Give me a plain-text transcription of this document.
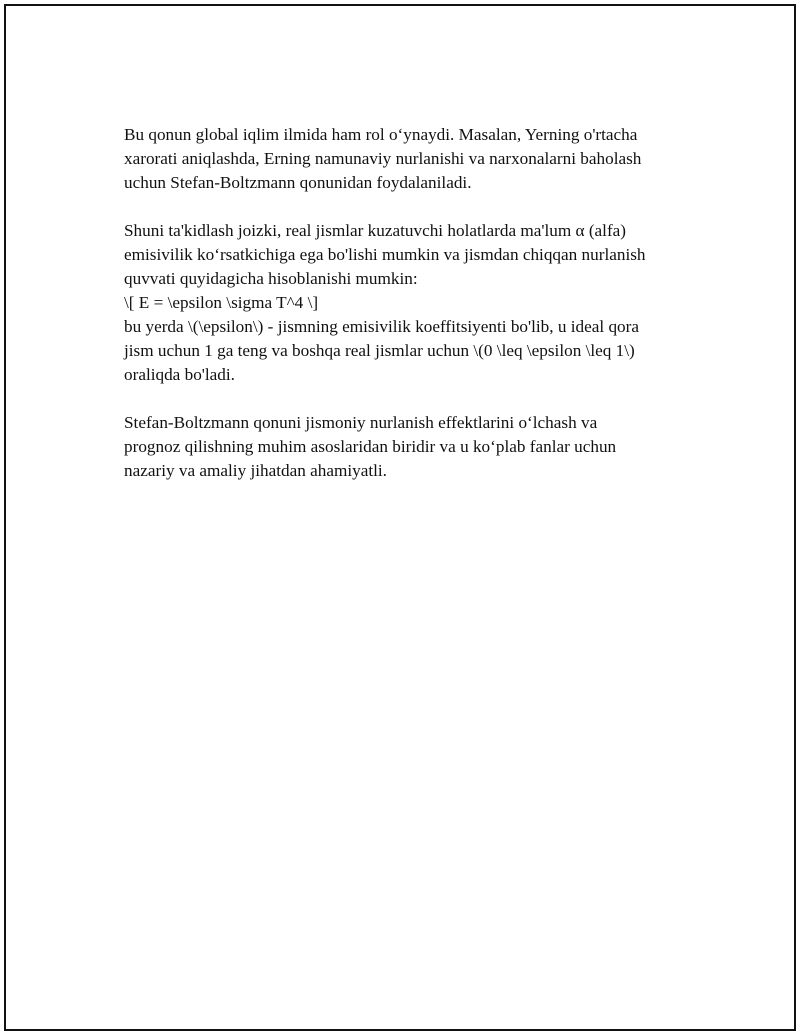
Bu qonun global iqlim ilmida ham rol o‘ynaydi. Masalan, Yerning o'rtacha
xarorati aniqlashda, Erning namunaviy nurlanishi va narxonalarni baholash
uchun Stefan-Boltzmann qonunidan foydalaniladi.

Shuni ta'kidlash joizki, real jismlar kuzatuvchi holatlarda ma'lum α (alfa)
emisivilik ko‘rsatkichiga ega bo'lishi mumkin va jismdan chiqqan nurlanish
quvvati quyidagicha hisoblanishi mumkin:
\[ E = \epsilon \sigma T^4 \]
bu yerda \(\epsilon\) - jismning emisivilik koeffitsiyenti bo'lib, u ideal qora
jism uchun 1 ga teng va boshqa real jismlar uchun \(0 \leq \epsilon \leq 1\)
oraliqda bo'ladi.

Stefan-Boltzmann qonuni jismoniy nurlanish effektlarini o‘lchash va
prognoz qilishning muhim asoslaridan biridir va u ko‘plab fanlar uchun
nazariy va amaliy jihatdan ahamiyatli.
